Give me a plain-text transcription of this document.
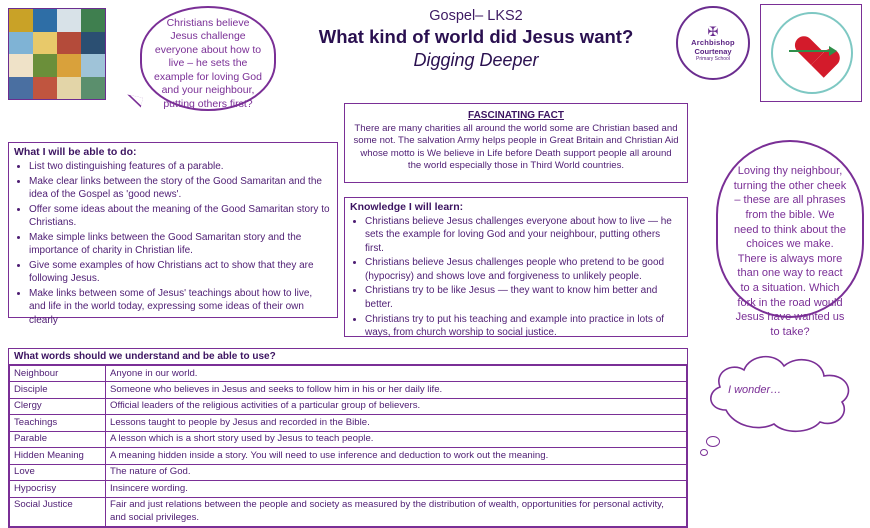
Christians believe Jesus challenge everyone about how to live – he sets the example for loving God and your neighbour, putting others first?
Gospel– LKS2
What kind of world did Jesus want?
Digging Deeper
✠
Archbishop
Courtenay
Primary School
What I will be able to do:
• List two distinguishing features of a parable.
• Make clear links between the story of the Good Samaritan and the idea of the Gospel as 'good news'.
• Offer some ideas about the meaning of the Good Samaritan story to Christians.
• Make simple links between the Good Samaritan story and the importance of charity in Christian life.
• Give some examples of how Christians act to show that they are following Jesus.
• Make links between some of Jesus' teachings about how to live, and life in the world today, expressing some ideas of their own clearly
FASCINATING FACT

There are many charities all around the world some are Christian based and some not. The salvation Army helps people in Great Britain and Christian Aid whose motto is We believe in Life before Death support people all around the world especially those in Third World countries.

Knowledge I will learn:
• Christians believe Jesus challenges everyone about how to live — he sets the example for loving God and your neighbour, putting others first.
• Christians believe Jesus challenges people who pretend to be good (hypocrisy) and shows love and forgiveness to unlikely people.
• Christians try to be like Jesus — they want to know him better and better.
• Christians try to put his teaching and example into practice in lots of ways, from church worship to social justice.
Loving thy neighbour, turning the other cheek – these are all phrases from the bible. We need to think about the choices we make. There is always more than one way to react to a situation. Which fork in the road would Jesus have wanted us to take?
What words should we understand and be able to use?
Neighbour	Anyone in our world.
Disciple	Someone who believes in Jesus and seeks to follow him in his or her daily life.
Clergy	Official leaders of the religious activities of a particular group of believers.
Teachings	Lessons taught to people by Jesus and recorded in the Bible.
Parable	A lesson which is a short story used by Jesus to teach people.
Hidden Meaning	A meaning hidden inside a story. You will need to use inference and deduction to work out the meaning.
Love	The nature of God.
Hypocrisy	Insincere wording.
Social Justice	Fair and just relations between the people and society as measured by the distribution of wealth, opportunities for personal activity, and social privileges.
I wonder…
